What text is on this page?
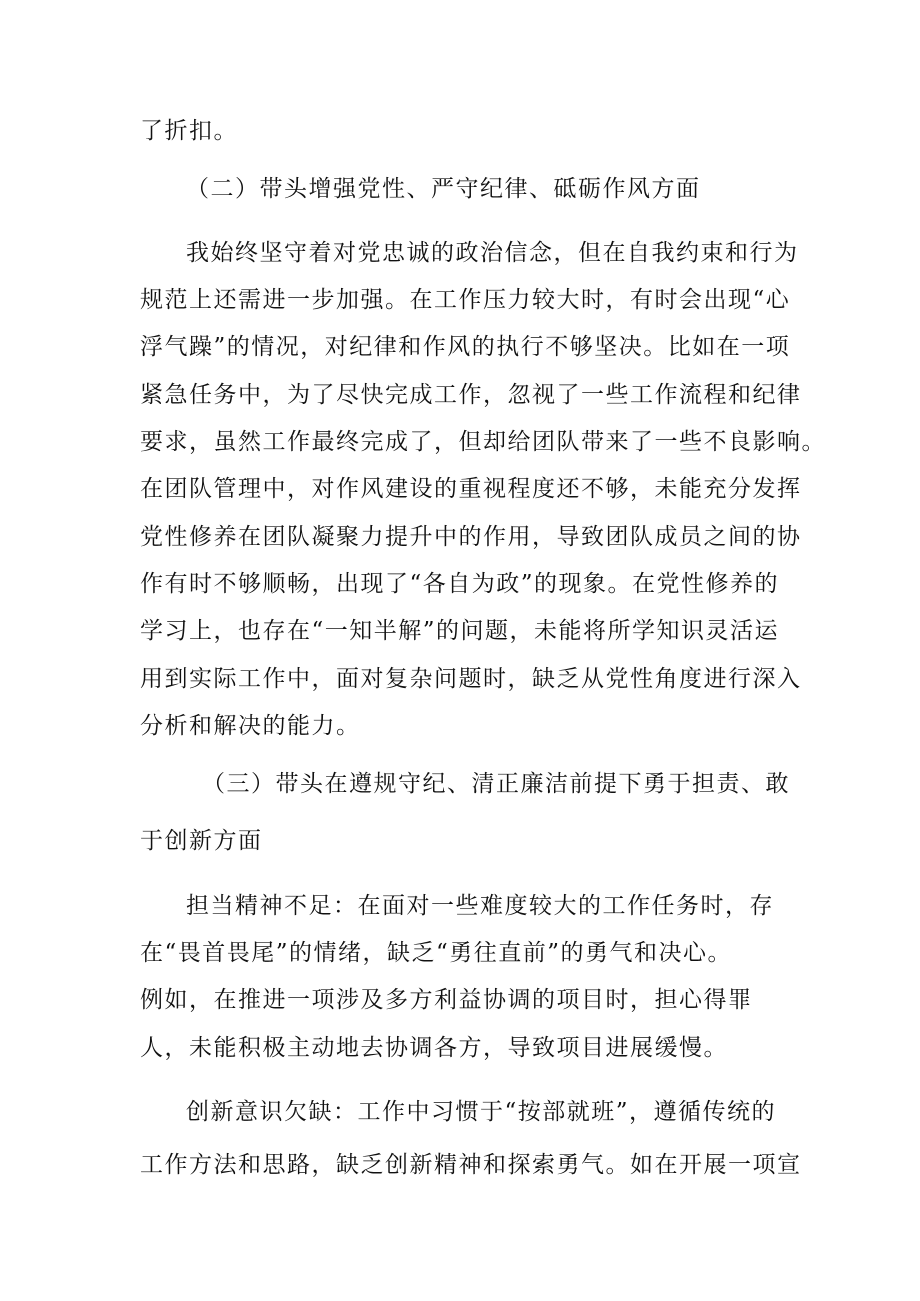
了折扣。

（二）带头增强党性、严守纪律、砥砺作风方面

我始终坚守着对党忠诚的政治信念，但在自我约束和行为

规范上还需进一步加强。在工作压力较大时，有时会出现“心

浮气躁”的情况，对纪律和作风的执行不够坚决。比如在一项

紧急任务中，为了尽快完成工作，忽视了一些工作流程和纪律

要求，虽然工作最终完成了，但却给团队带来了一些不良影响。

在团队管理中，对作风建设的重视程度还不够，未能充分发挥

党性修养在团队凝聚力提升中的作用，导致团队成员之间的协

作有时不够顺畅，出现了“各自为政”的现象。在党性修养的

学习上，也存在“一知半解”的问题，未能将所学知识灵活运

用到实际工作中，面对复杂问题时，缺乏从党性角度进行深入

分析和解决的能力。

（三）带头在遵规守纪、清正廉洁前提下勇于担责、敢

于创新方面

担当精神不足：在面对一些难度较大的工作任务时，存

在“畏首畏尾”的情绪，缺乏“勇往直前”的勇气和决心。

例如，在推进一项涉及多方利益协调的项目时，担心得罪

人，未能积极主动地去协调各方，导致项目进展缓慢。

创新意识欠缺：工作中习惯于“按部就班”，遵循传统的

工作方法和思路，缺乏创新精神和探索勇气。如在开展一项宣
